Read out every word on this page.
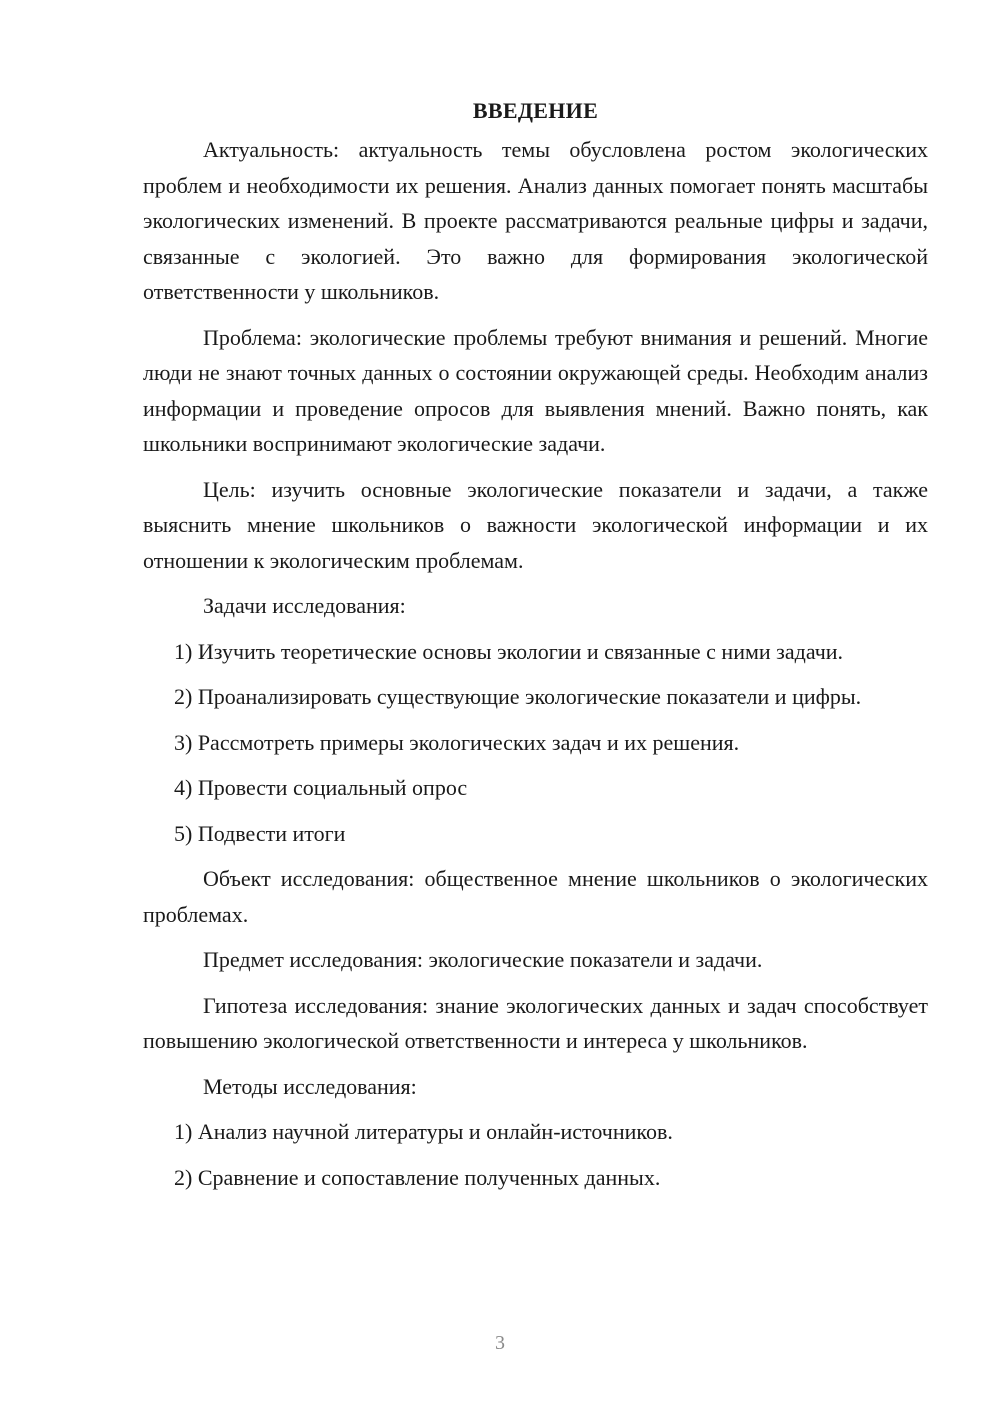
ВВЕДЕНИЕ

Актуальность: актуальность темы обусловлена ростом экологических проблем и необходимости их решения. Анализ данных помогает понять масштабы экологических изменений. В проекте рассматриваются реальные цифры и задачи, связанные с экологией. Это важно для формирования экологической ответственности у школьников.

Проблема: экологические проблемы требуют внимания и решений. Многие люди не знают точных данных о состоянии окружающей среды. Необходим анализ информации и проведение опросов для выявления мнений. Важно понять, как школьники воспринимают экологические задачи.

Цель: изучить основные экологические показатели и задачи, а также выяснить мнение школьников о важности экологической информации и их отношении к экологическим проблемам.

Задачи исследования:

1) Изучить теоретические основы экологии и связанные с ними задачи.

2) Проанализировать существующие экологические показатели и цифры.

3) Рассмотреть примеры экологических задач и их решения.

4) Провести социальный опрос

5) Подвести итоги

Объект исследования: общественное мнение школьников о экологических проблемах.

Предмет исследования: экологические показатели и задачи.

Гипотеза исследования: знание экологических данных и задач способствует повышению экологической ответственности и интереса у школьников.

Методы исследования:

1) Анализ научной литературы и онлайн-источников.

2) Сравнение и сопоставление полученных данных.

3
